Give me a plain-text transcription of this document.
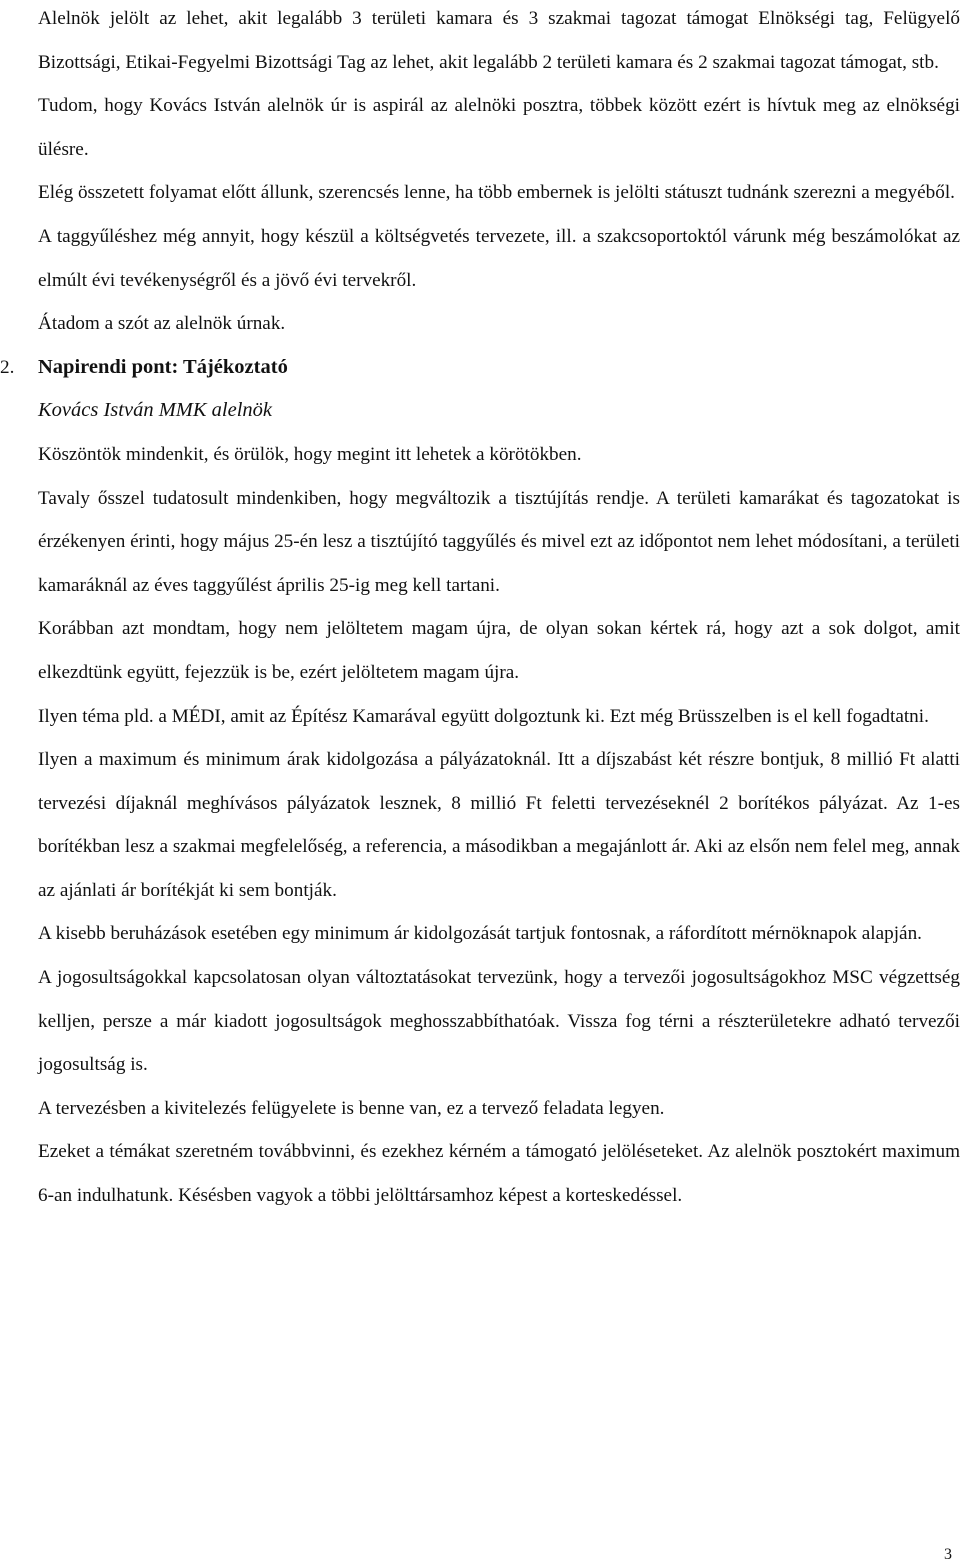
Alelnök jelölt az lehet, akit legalább 3 területi kamara és 3 szakmai tagozat támogat Elnökségi tag, Felügyelő Bizottsági, Etikai-Fegyelmi Bizottsági Tag az lehet, akit legalább 2 területi kamara és 2 szakmai tagozat támogat, stb.

Tudom, hogy Kovács István alelnök úr is aspirál az alelnöki posztra, többek között ezért is hívtuk meg az elnökségi ülésre.

Elég összetett folyamat előtt állunk, szerencsés lenne, ha több embernek is jelölti státuszt tudnánk szerezni a megyéből.

A taggyűléshez még annyit, hogy készül a költségvetés tervezete, ill. a szakcsoportoktól várunk még beszámolókat az elmúlt évi tevékenységről és a jövő évi tervekről.

Átadom a szót az alelnök úrnak.

2.	Napirendi pont: Tájékoztató

Kovács István MMK alelnök

Köszöntök mindenkit, és örülök, hogy megint itt lehetek a körötökben.

Tavaly ősszel tudatosult mindenkiben, hogy megváltozik a tisztújítás rendje. A területi kamarákat és tagozatokat is érzékenyen érinti, hogy május 25-én lesz a tisztújító taggyűlés és mivel ezt az időpontot nem lehet módosítani, a területi kamaráknál az éves taggyűlést április 25-ig meg kell tartani.

Korábban azt mondtam, hogy nem jelöltetem magam újra, de olyan sokan kértek rá, hogy azt a sok dolgot, amit elkezdtünk együtt, fejezzük is be, ezért jelöltetem magam újra.

Ilyen téma pld. a MÉDI, amit az Építész Kamarával együtt dolgoztunk ki. Ezt még Brüsszelben is el kell fogadtatni.

Ilyen a maximum és minimum árak kidolgozása a pályázatoknál. Itt a díjszabást két részre bontjuk, 8 millió Ft alatti tervezési díjaknál meghívásos pályázatok lesznek, 8 millió Ft feletti tervezéseknél 2 borítékos pályázat. Az 1-es borítékban lesz a szakmai megfelelőség, a referencia, a másodikban a megajánlott ár. Aki az elsőn nem felel meg, annak az ajánlati ár borítékját ki sem bontják.

A kisebb beruházások esetében egy minimum ár kidolgozását tartjuk fontosnak, a ráfordított mérnöknapok alapján.

A jogosultságokkal kapcsolatosan olyan változtatásokat tervezünk, hogy a tervezői jogosultságokhoz MSC végzettség kelljen, persze a már kiadott jogosultságok meghosszabbíthatóak. Vissza fog térni a részterületekre adható tervezői jogosultság is.

A tervezésben a kivitelezés felügyelete is benne van, ez a tervező feladata legyen.

Ezeket a témákat szeretném továbbvinni, és ezekhez kérném a támogató jelöléseteket. Az alelnök posztokért maximum 6-an indulhatunk. Késésben vagyok a többi jelölttársamhoz képest a korteskedéssel.

3
